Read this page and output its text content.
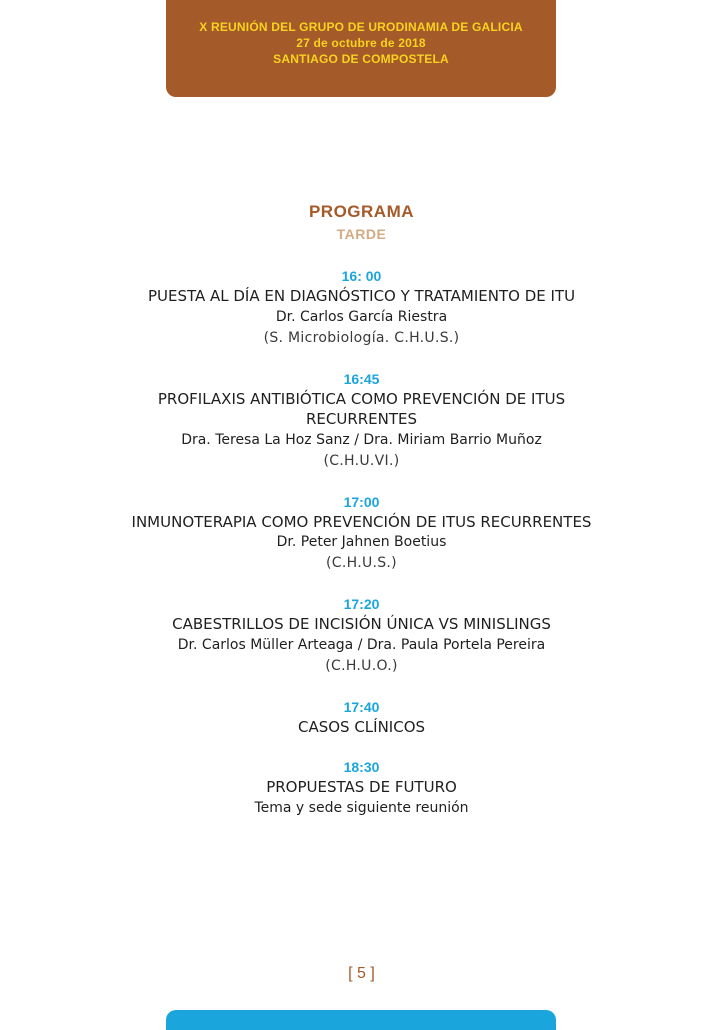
X REUNIÓN DEL GRUPO DE URODINAMIA DE GALICIA
27 de octubre de 2018
SANTIAGO DE COMPOSTELA
PROGRAMA
TARDE
16: 00
PUESTA AL DÍA EN DIAGNÓSTICO Y TRATAMIENTO DE ITU
Dr. Carlos García Riestra
(S. Microbiología. C.H.U.S.)
16:45
PROFILAXIS ANTIBIÓTICA COMO PREVENCIÓN DE ITUS RECURRENTES
Dra. Teresa La Hoz Sanz / Dra. Miriam Barrio Muñoz
(C.H.U.VI.)
17:00
INMUNOTERAPIA COMO PREVENCIÓN DE ITUS RECURRENTES
Dr. Peter Jahnen Boetius
(C.H.U.S.)
17:20
CABESTRILLOS DE INCISIÓN ÚNICA VS MINISLINGS
Dr. Carlos Müller Arteaga / Dra. Paula Portela Pereira
(C.H.U.O.)
17:40
CASOS CLÍNICOS
18:30
PROPUESTAS DE FUTURO
Tema y sede siguiente reunión
[ 5 ]
